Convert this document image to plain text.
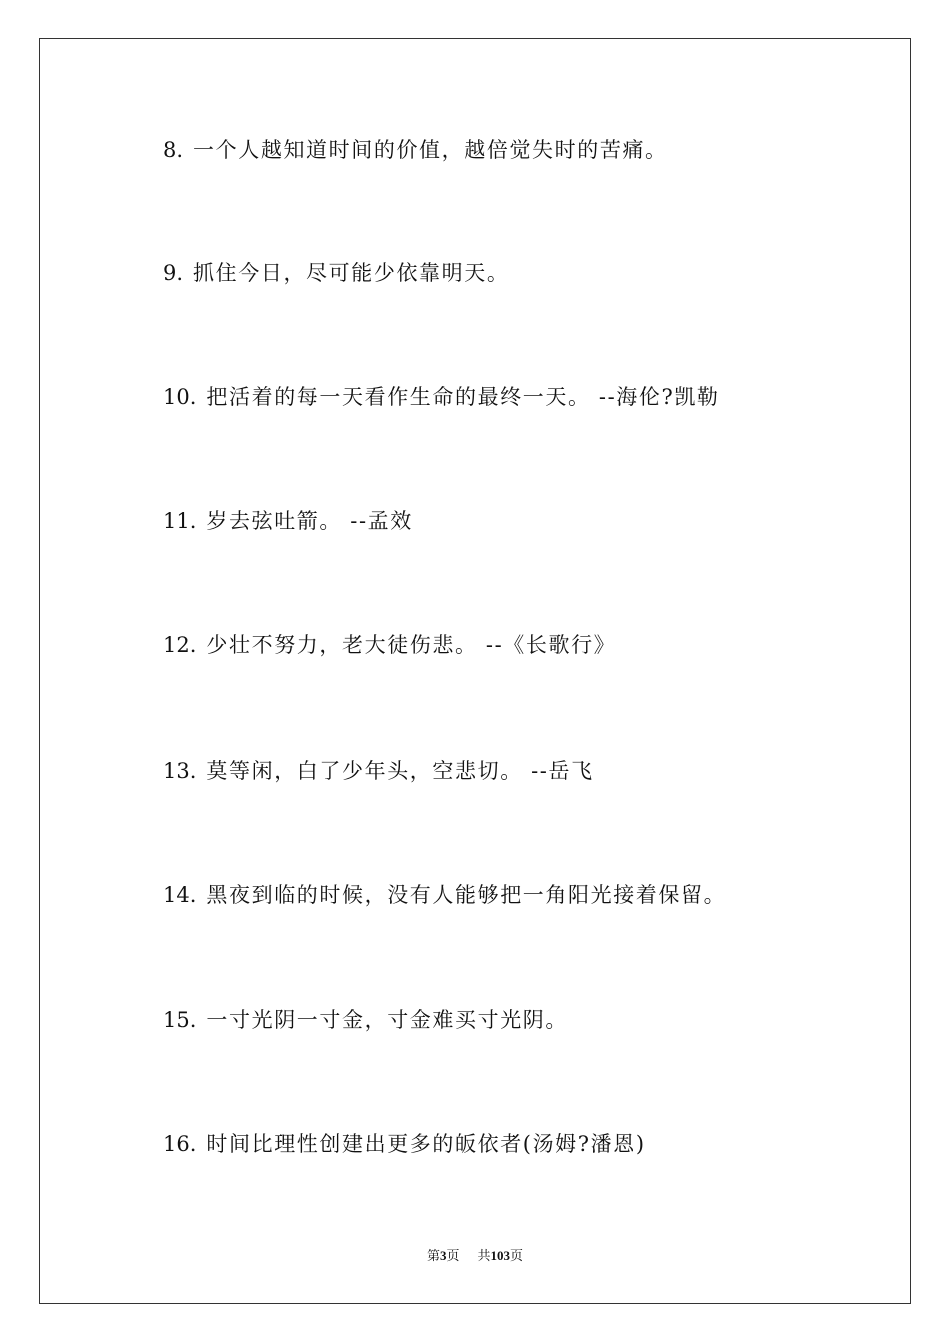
8. 一个人越知道时间的价值，越倍觉失时的苦痛。
9. 抓住今日，尽可能少依靠明天。
10. 把活着的每一天看作生命的最终一天。 --海伦?凯勒
11. 岁去弦吐箭。 --孟效
12. 少壮不努力，老大徒伤悲。 --《长歌行》
13. 莫等闲，白了少年头，空悲切。 --岳飞
14. 黑夜到临的时候，没有人能够把一角阳光接着保留。
15. 一寸光阴一寸金，寸金难买寸光阴。
16. 时间比理性创建出更多的皈依者(汤姆?潘恩)
第3页 共103页
